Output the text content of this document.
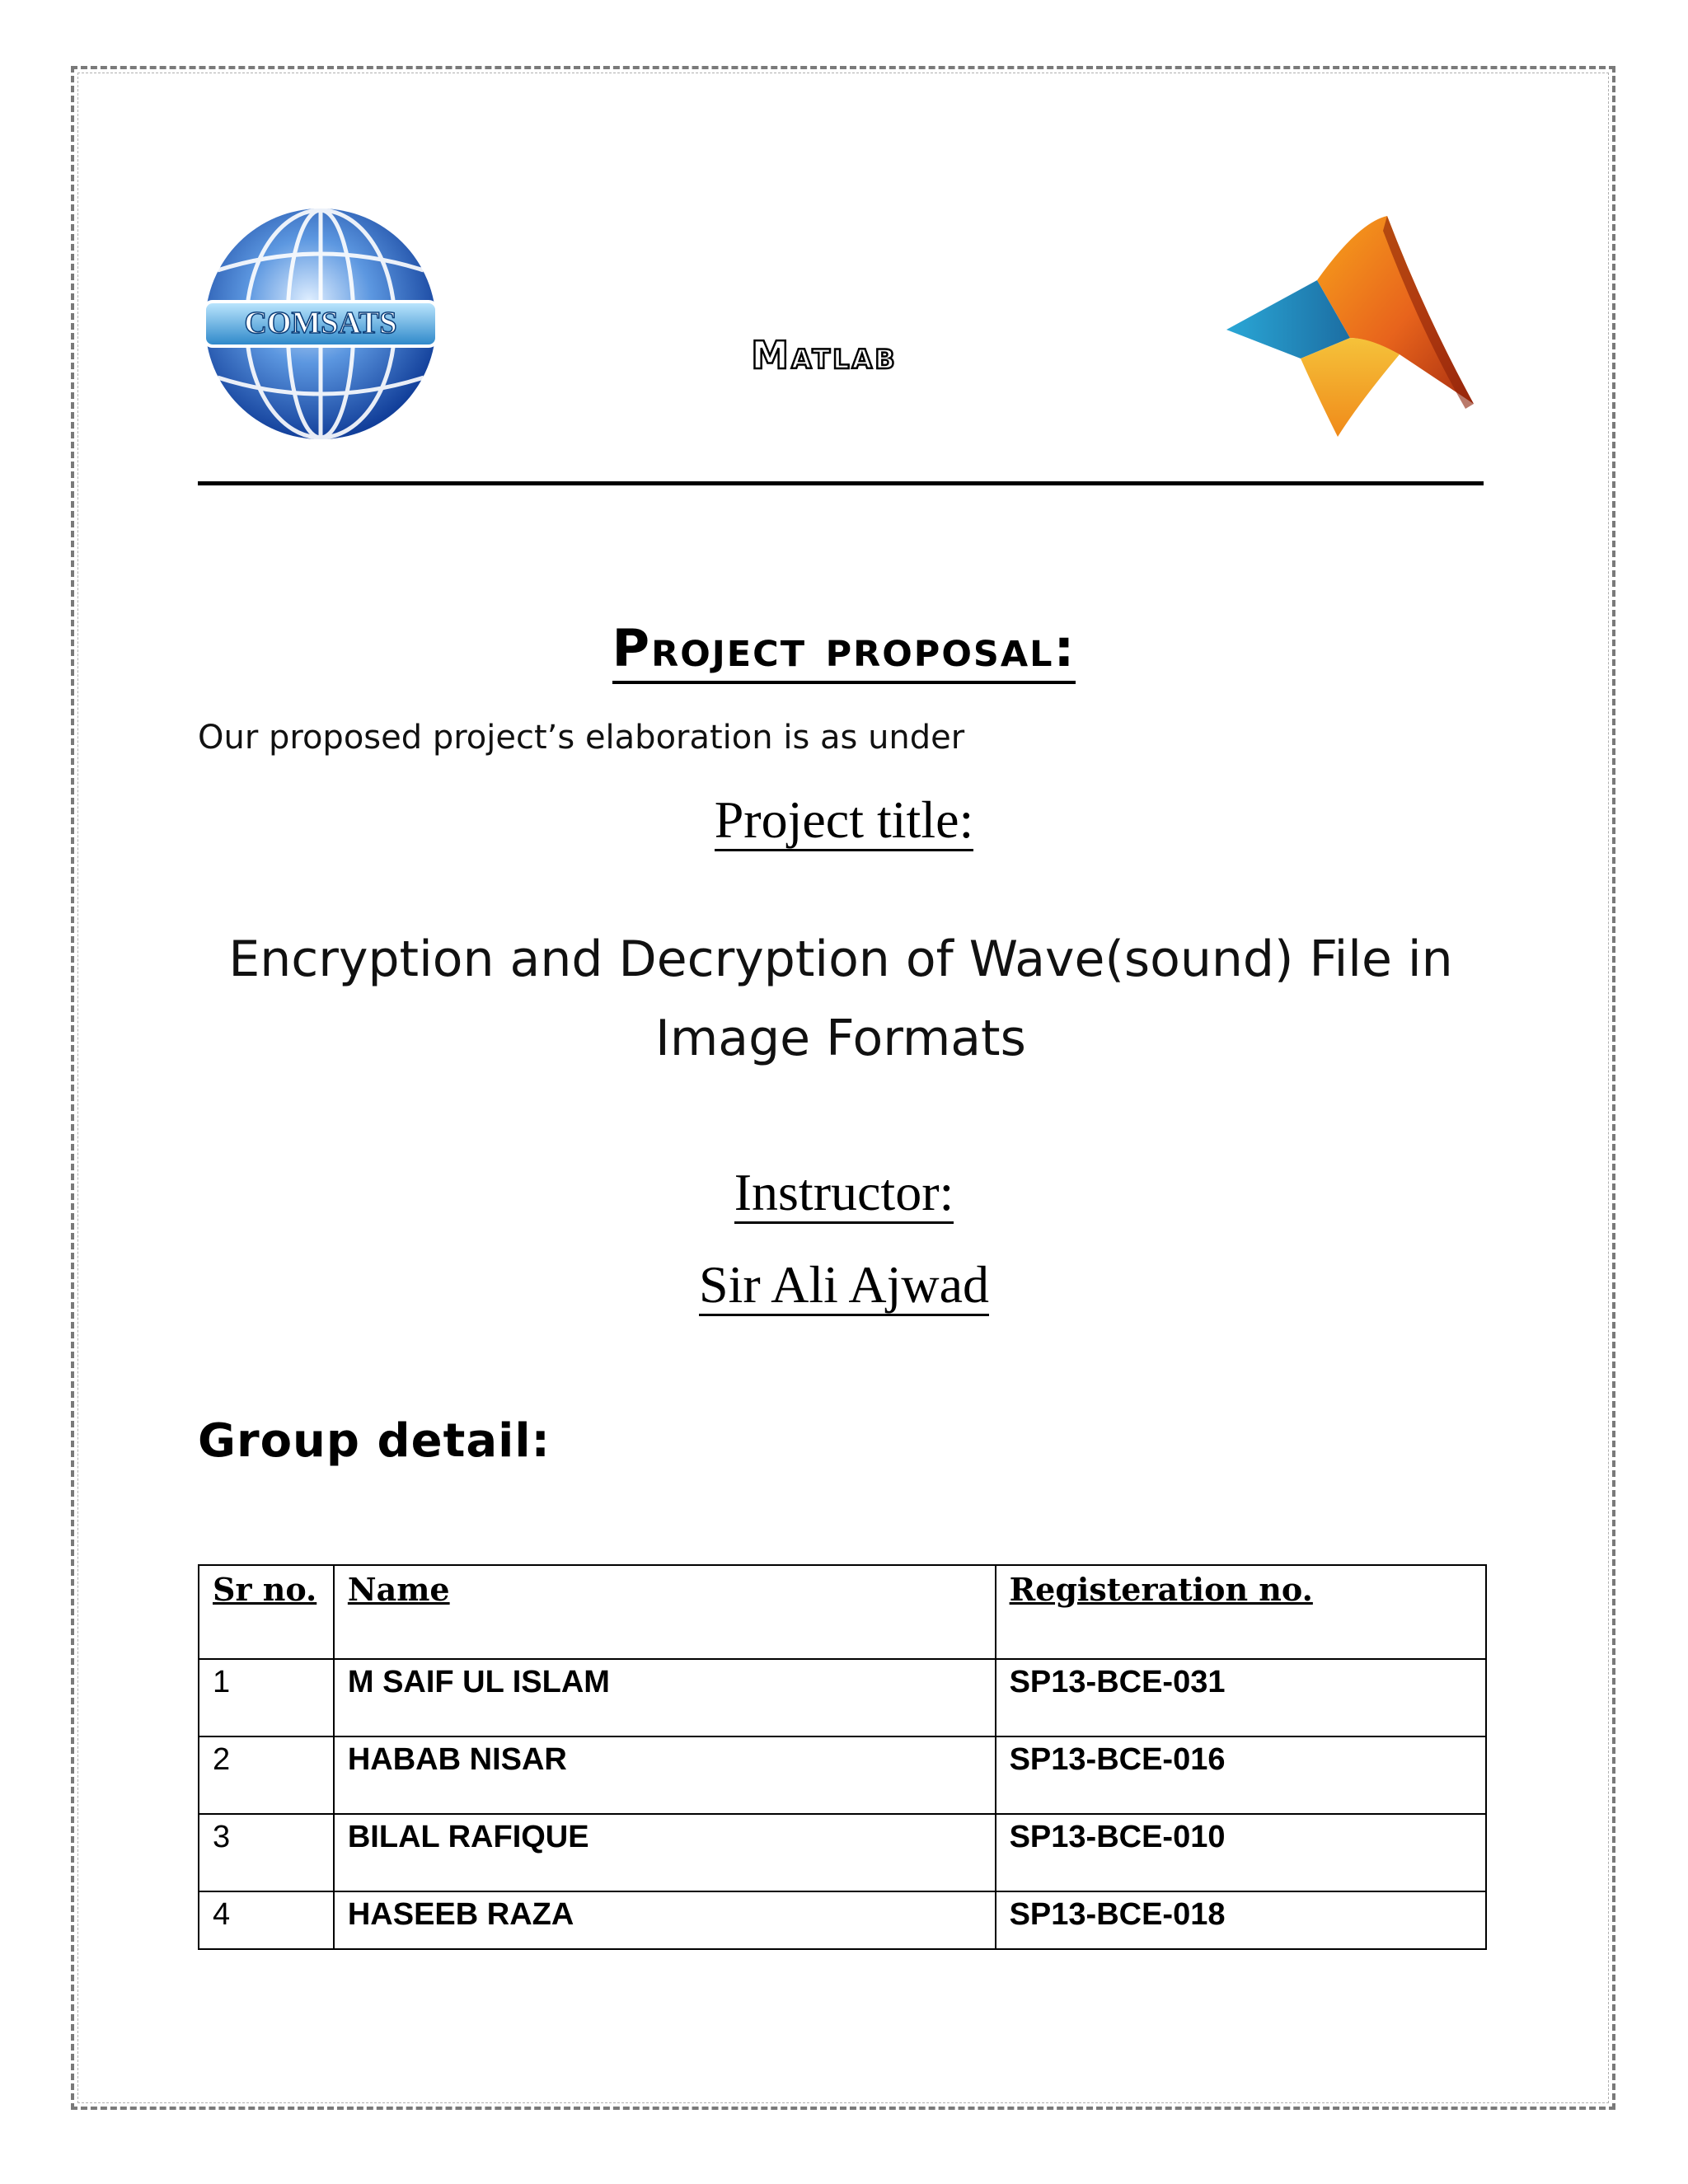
COMSATS
Matlab
Project proposal:
Our proposed project’s elaboration is as under
Project title:
Encryption and Decryption of Wave(sound) File in Image Formats
Instructor:
Sir Ali Ajwad
Group detail:
Sr no.	Name	Registeration no.
1	M SAIF UL ISLAM	SP13-BCE-031
2	HABAB NISAR	SP13-BCE-016
3	BILAL RAFIQUE	SP13-BCE-010
4	HASEEB RAZA	SP13-BCE-018
